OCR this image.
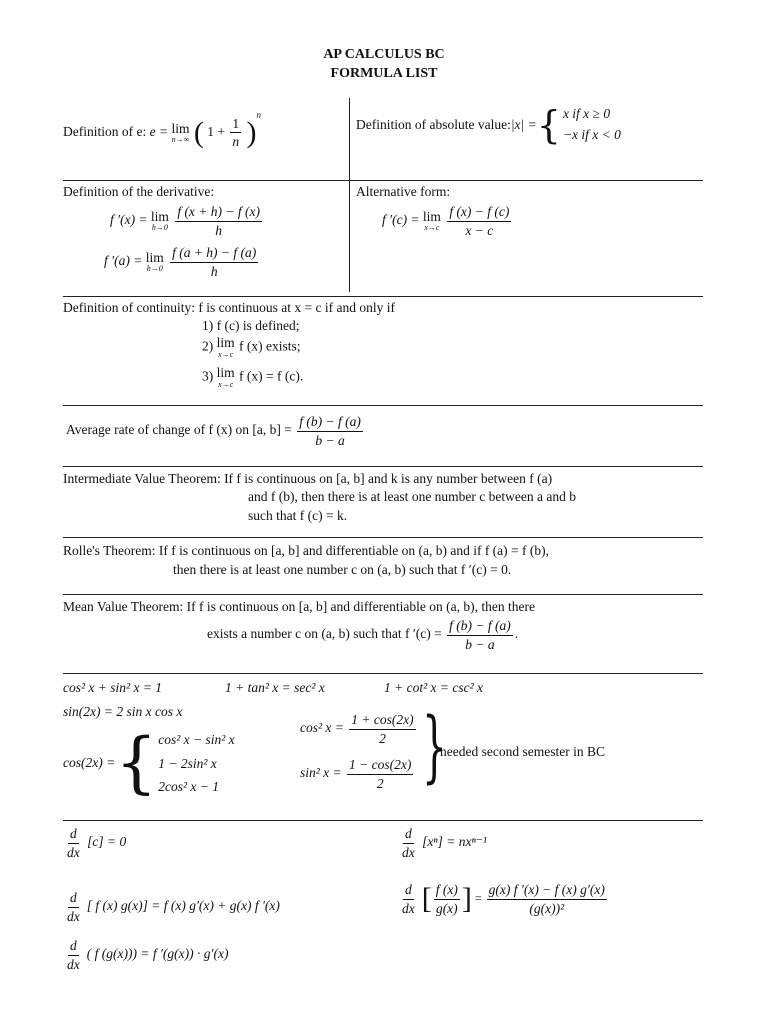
AP CALCULUS BC
FORMULA LIST
Definition of e: e = lim
n→∞ ( $1 + \frac{1}{n} )^n$
Definition of absolute value: |x| = { x if x ≥ 0
−x if x < 0
Definition of the derivative:
f ′(x) = lim
h→0
$\frac{f (x + h) - f (x)}{h}$
f ′(a) = lim
h→0
$\frac{f (a + h) - f (a)}{h}$
Alternative form:
f ′(c) = lim
x→c
$\frac{f (x) - f (c)}{x - c}$
Definition of continuity: f is continuous at x = c if and only if
1) f (c) is defined;
2) lim
x→c
f (x) exists;
3) lim
x→c
f (x) = f (c).
Average rate of change of f (x) on [a, $b] = \frac{f (b) - f (a)}{b - a}$
Intermediate Value Theorem: If f is continuous on [a, b] and k is any number between f (a)
and f (b), then there is at least one number c between a and b
such that f (c) = k.
Rolle's Theorem: If f is continuous on [a, b] and differentiable on (a, b) and if f (a) = f (b),
then there is at least one number c on (a, b) such that f ′(c) = 0.
Mean Value Theorem: If f is continuous on [a, b] and differentiable on (a, b), then there
exists a number c on (a, b) such that f $'(c) = \frac{f (b) - f (a)}{b - a}$ .
cos² x + sin² x = 1	1 + tan² x = sec² x	1 + cot² x = csc² x
sin(2x) = 2 sin x cos x
cos(2x) = { cos² x − sin² x
1 − 2sin² x
2cos² x − 1
cos² $x = \frac{1 + \cos(2x)}{2}$
sin² $x = \frac{1 - \cos(2x)}{2}$ }
needed second semester in BC
$\frac{d}{dx} [c] = 0$	$\frac{d}{dx} [x^n] = nx^{n-1}$
$\frac{d}{dx}$ [ f (x) g(x)] = f (x) g′(x) + g(x) f ′(x)	$\frac{d}{dx}$ [ $\frac{f (x)}{g(x)}$ ] = $\frac{g(x) f '(x) - f (x) g'(x)}{\text{(g(x))²}}$
$\frac{d}{dx}$ ( f (g(x))) = f ′(g(x)) · g′(x)
